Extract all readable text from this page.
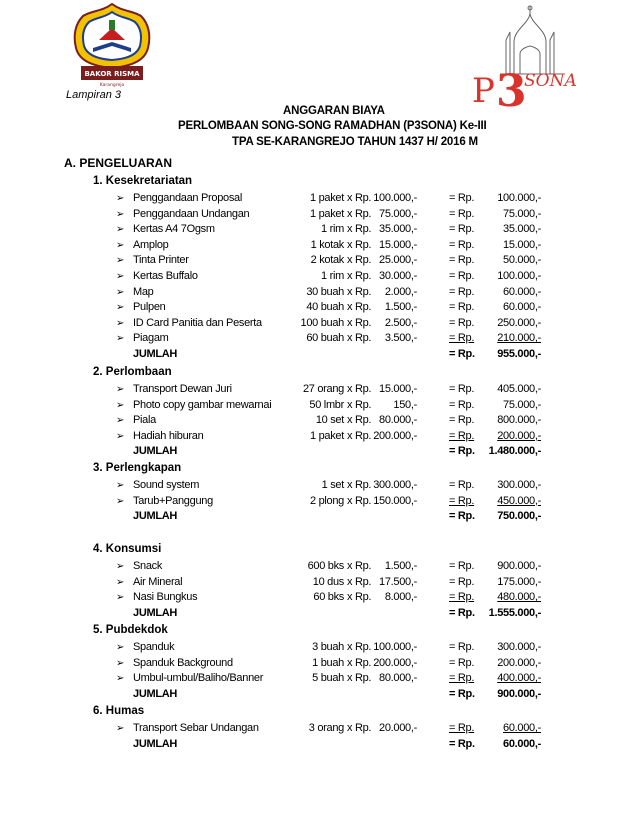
BAKOR RISMA
Karangrejo	P 3
SONA
Lampiran 3
ANGGARAN BIAYA
PERLOMBAAN SONG-SONG RAMADHAN (P3SONA) Ke-III
TPA SE-KARANGREJO TAHUN 1437 H/ 2016 M
A. PENGELUARAN
1. Kesekretariatan
➢ Penggandaan Proposal	1 paket x Rp. 100.000,-	= Rp.	100.000,-
➢ Penggandaan Undangan	1 paket x Rp. 75.000,-	= Rp.	75.000,-
➢ Kertas A4 7Ogsm	1 rim x Rp. 35.000,-	= Rp.	35.000,-
➢ Amplop	1 kotak x Rp. 15.000,-	= Rp.	15.000,-
➢ Tinta Printer	2 kotak x Rp. 25.000,-	= Rp.	50.000,-
➢ Kertas Buffalo	1 rim x Rp. 30.000,-	= Rp.	100.000,-
➢ Map	30 buah x Rp.	2.000,-	= Rp.	60.000,-
➢ Pulpen	40 buah x Rp.	1.500,-	= Rp.	60.000,-
➢ ID Card Panitia dan Peserta	100 buah x Rp.	2.500,-	= Rp.	250.000,-
➢ Piagam	60 buah x Rp.	3.500,-	= Rp.	210.000,-
JUMLAH	= Rp.	955.000,-
2. Perlombaan
➢ Transport Dewan Juri	27 orang x Rp. 15.000,-	= Rp.	405.000,-
➢ Photo copy gambar mewarnai	50 lmbr x Rp.	150,-	= Rp.	75.000,-
➢ Piala	10 set x Rp. 80.000,-	= Rp.	800.000,-
➢ Hadiah hiburan	1 paket x Rp. 200.000,-	= Rp.	200.000,-
JUMLAH	= Rp.	1.480.000,-
3. Perlengkapan
➢ Sound system	1 set x Rp. 300.000,-	= Rp.	300.000,-
➢ Tarub+Panggung	2 plong x Rp. 150.000,-	= Rp.	450.000,-
JUMLAH	= Rp.	750.000,-
4. Konsumsi
➢ Snack	600 bks x Rp.	1.500,-	= Rp.	900.000,-
➢ Air Mineral	10 dus x Rp. 17.500,-	= Rp.	175.000,-
➢ Nasi Bungkus	60 bks x Rp.	8.000,-	= Rp.	480.000,-
JUMLAH	= Rp.	1.555.000,-
5. Pubdekdok
➢ Spanduk	3 buah x Rp. 100.000,-	= Rp.	300.000,-
➢ Spanduk Background	1 buah x Rp. 200.000,-	= Rp.	200.000,-
➢ Umbul-umbul/Baliho/Banner	5 buah x Rp. 80.000,-	= Rp.	400.000,-
JUMLAH	= Rp.	900.000,-
6. Humas
➢ Transport Sebar Undangan	3 orang x Rp. 20.000,-	= Rp.	60.000,-
JUMLAH	= Rp.	60.000,-
